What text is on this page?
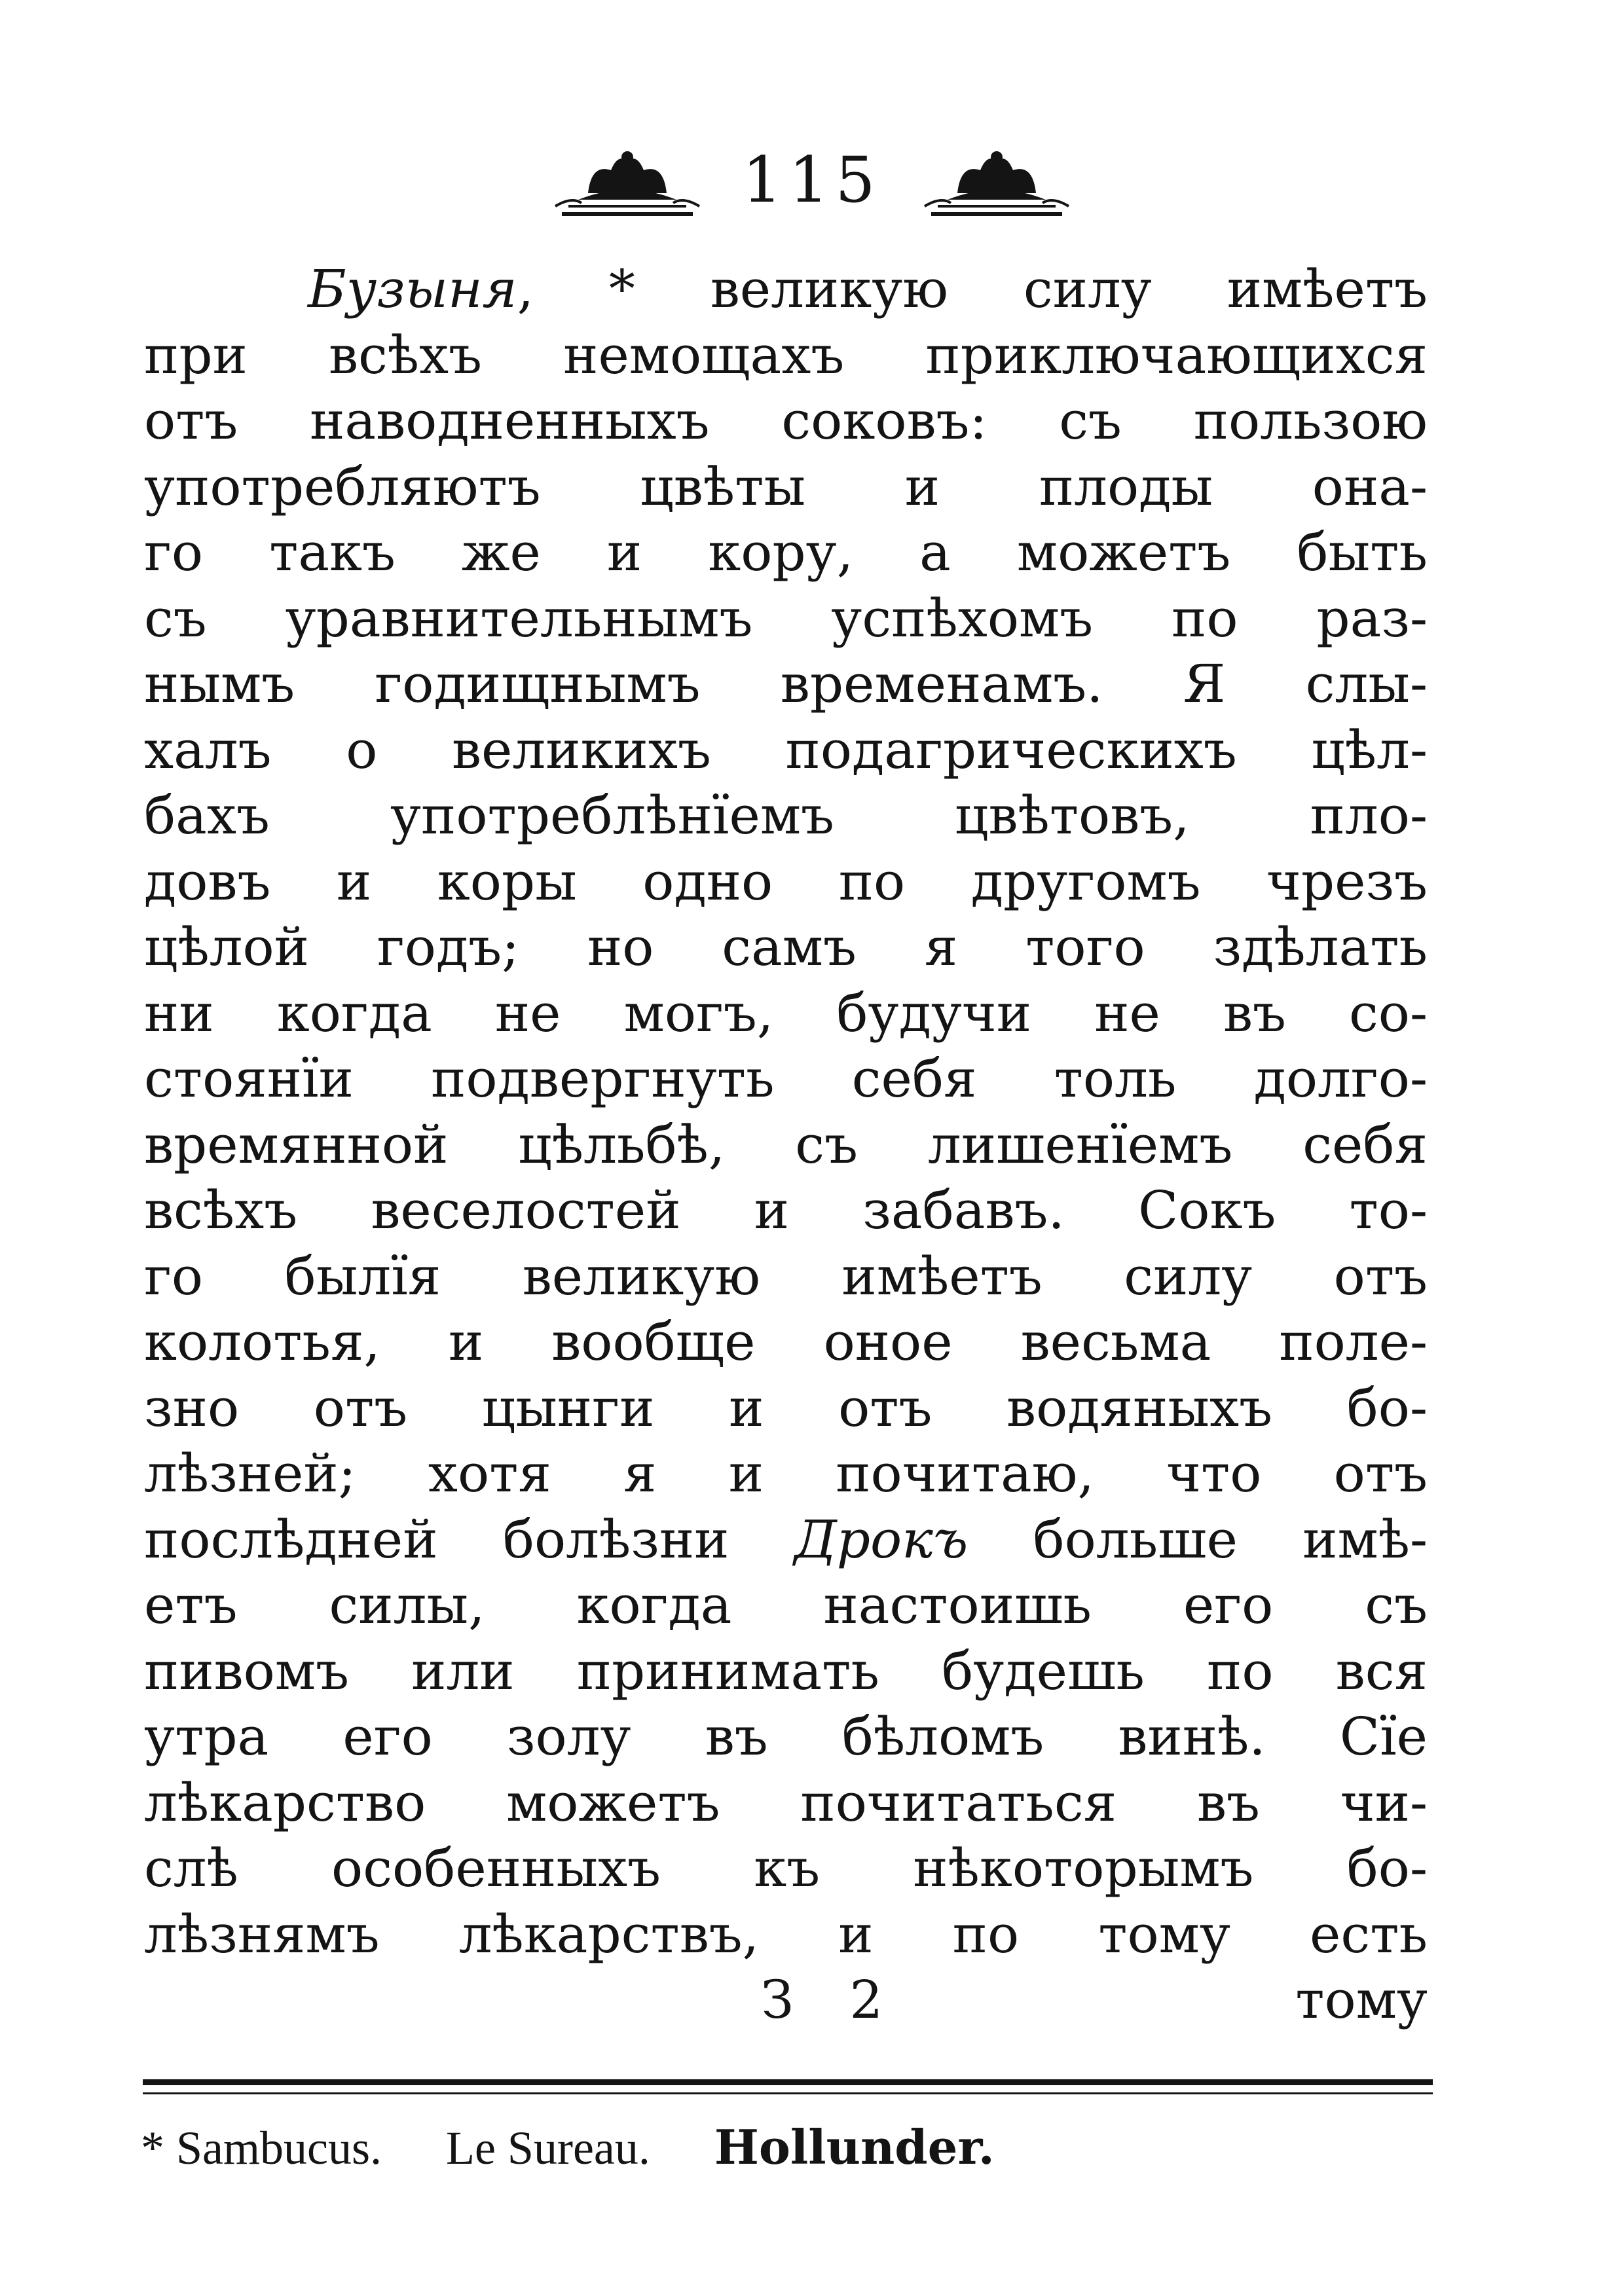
115
Бузыня, * великую силу имѣетъ
при всѣхъ немощахъ приключающихся
отъ наводненныхъ соковъ: съ пользою
употребляютъ цвѣты и плоды она-
го такъ же и кору, а можетъ быть
съ уравнительнымъ успѣхомъ по раз-
нымъ годищнымъ временамъ. Я слы-
халъ о великихъ подагрическихъ цѣл-
бахъ употреблѣнїемъ цвѣтовъ, пло-
довъ и коры одно по другомъ чрезъ
цѣлой годъ; но самъ я того здѣлать
ни когда не могъ, будучи не въ со-
стоянїи подвергнуть себя толь долго-
времянной цѣльбѣ, съ лишенїемъ себя
всѣхъ веселостей и забавъ. Сокъ то-
го былїя великую имѣетъ силу отъ
колотья, и вообще оное весьма поле-
зно отъ цынги и отъ водяныхъ бо-
лѣзней; хотя я и почитаю, что отъ
послѣдней болѣзни Дрокъ больше имѣ-
етъ силы, когда настоишь его съ
пивомъ или принимать будешь по вся
утра его золу въ бѣломъ винѣ. Сїе
лѣкарство можетъ почитаться въ чи-
слѣ особенныхъ къ нѣкоторымъ бо-
лѣзнямъ лѣкарствъ, и по тому есть
З 2	тому
* Sambucus. Le Sureau. Hollunder.
